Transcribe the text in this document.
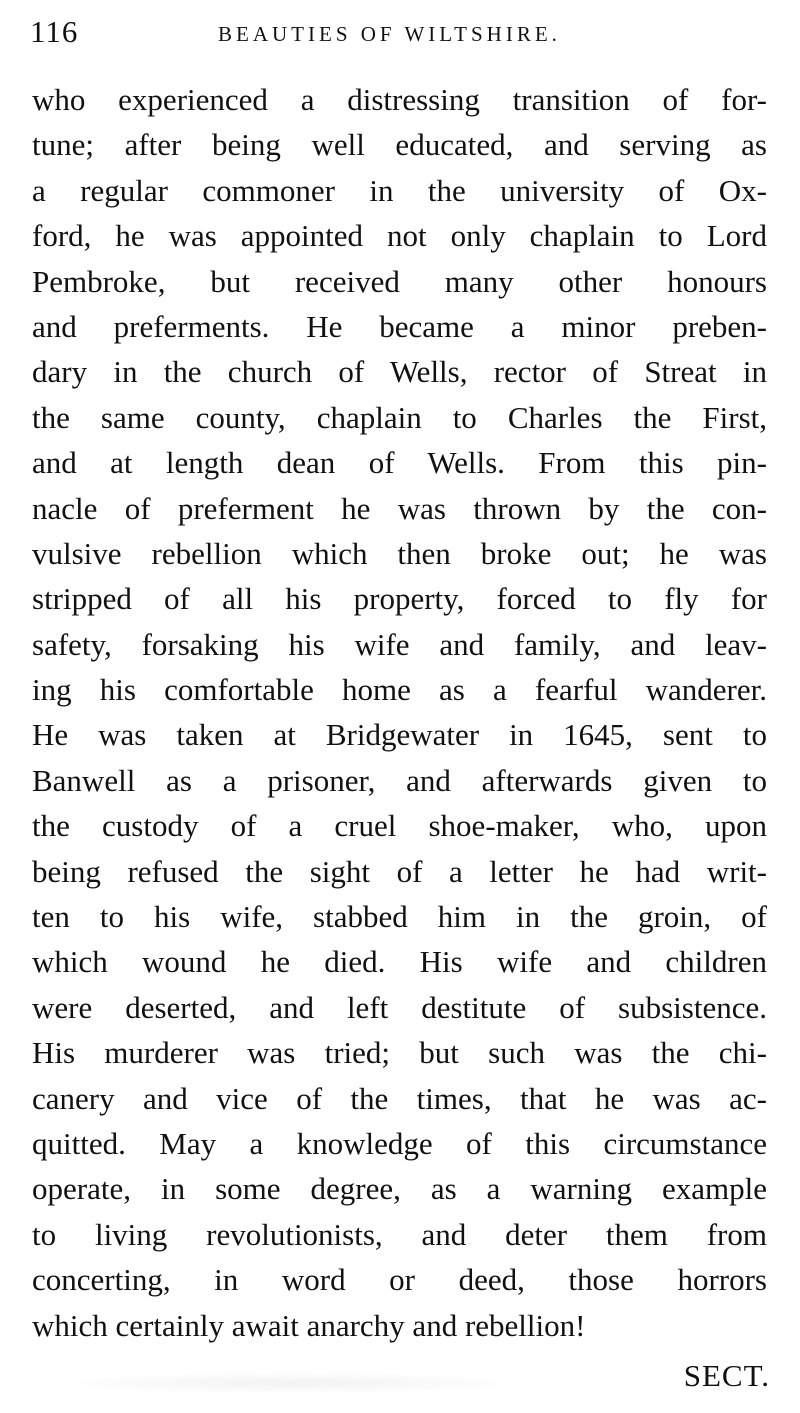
116	BEAUTIES OF WILTSHIRE.
who experienced a distressing transition of for-
tune; after being well educated, and serving as
a regular commoner in the university of Ox-
ford, he was appointed not only chaplain to Lord
Pembroke, but received many other honours
and preferments. He became a minor preben-
dary in the church of Wells, rector of Streat in
the same county, chaplain to Charles the First,
and at length dean of Wells. From this pin-
nacle of preferment he was thrown by the con-
vulsive rebellion which then broke out; he was
stripped of all his property, forced to fly for
safety, forsaking his wife and family, and leav-
ing his comfortable home as a fearful wanderer.
He was taken at Bridgewater in 1645, sent to
Banwell as a prisoner, and afterwards given to
the custody of a cruel shoe-maker, who, upon
being refused the sight of a letter he had writ-
ten to his wife, stabbed him in the groin, of
which wound he died. His wife and children
were deserted, and left destitute of subsistence.
His murderer was tried; but such was the chi-
canery and vice of the times, that he was ac-
quitted. May a knowledge of this circumstance
operate, in some degree, as a warning example
to living revolutionists, and deter them from
concerting, in word or deed, those horrors
which certainly await anarchy and rebellion!
SECT.
